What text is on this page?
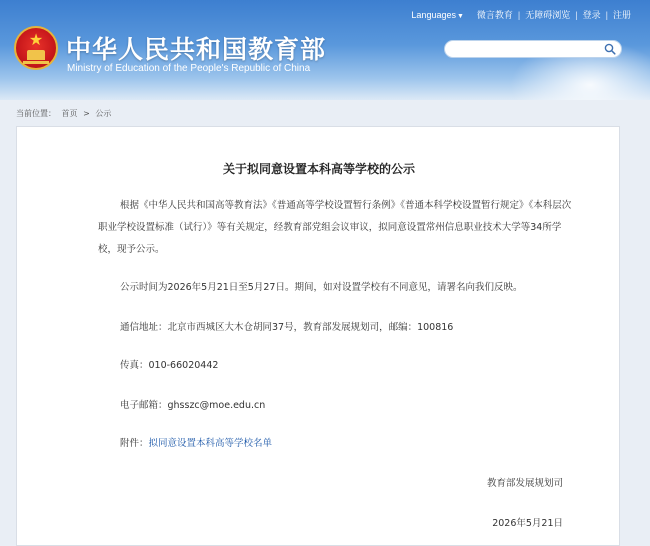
★ 中华人民共和国教育部
Ministry of Education of the People's Republic of China
Languages▼	微言教育 | 无障碍浏览 | 登录 | 注册
当前位置： 首页 > 公示
关于拟同意设置本科高等学校的公示
根据《中华人民共和国高等教育法》《普通高等学校设置暂行条例》《普通本科学校设置暂行规定》《本科层次职业学校设置标准（试行）》等有关规定，经教育部党组会议审议，拟同意设置常州信息职业技术大学等34所学校，现予公示。
公示时间为2026年5月21日至5月27日。期间，如对设置学校有不同意见，请署名向我们反映。
通信地址：北京市西城区大木仓胡同37号，教育部发展规划司，邮编：100816
传真：010-66020442
电子邮箱：ghsszc@moe.edu.cn
附件：拟同意设置本科高等学校名单
教育部发展规划司
2026年5月21日
